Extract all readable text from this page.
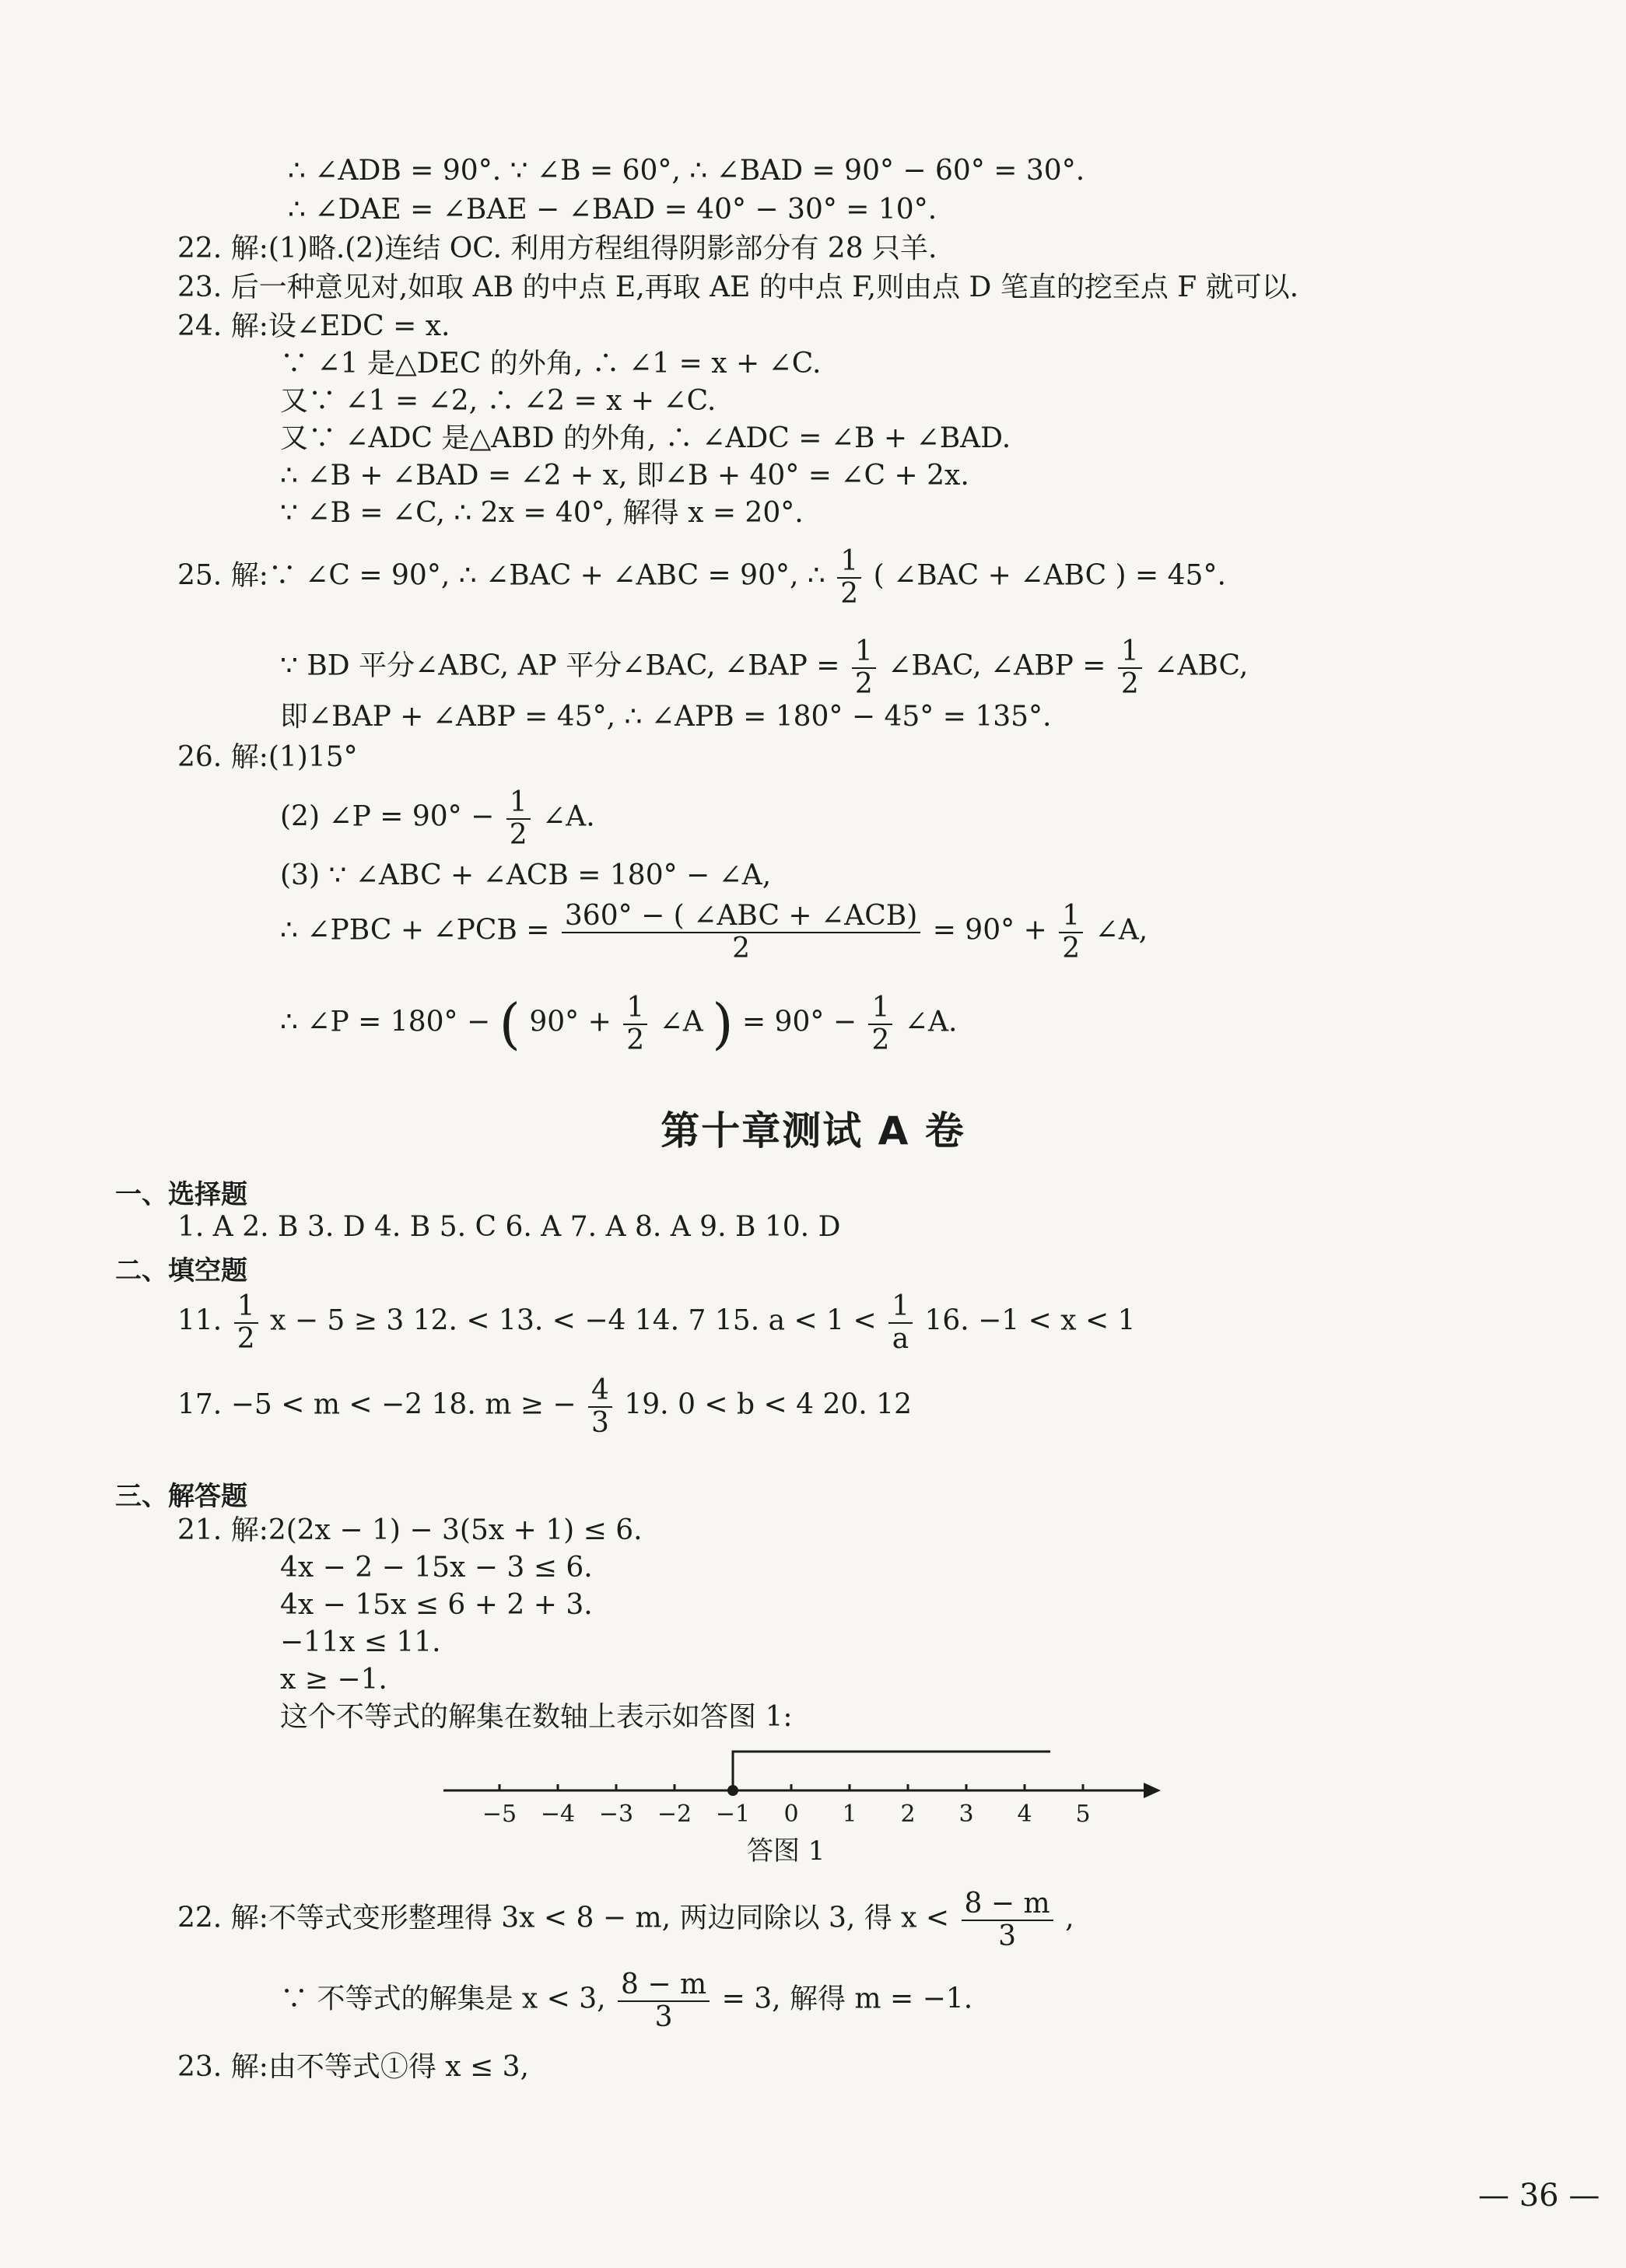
∴ ∠ADB = 90°. ∵ ∠B = 60°, ∴ ∠BAD = 90° − 60° = 30°.
∴ ∠DAE = ∠BAE − ∠BAD = 40° − 30° = 10°.
22. 解:(1)略.(2)连结 OC. 利用方程组得阴影部分有 28 只羊.
23. 后一种意见对,如取 AB 的中点 E,再取 AE 的中点 F,则由点 D 笔直的挖至点 F 就可以.
24. 解:设∠EDC = x.
∵ ∠1 是△DEC 的外角, ∴ ∠1 = x + ∠C.
又∵ ∠1 = ∠2, ∴ ∠2 = x + ∠C.
又∵ ∠ADC 是△ABD 的外角, ∴ ∠ADC = ∠B + ∠BAD.
∴ ∠B + ∠BAD = ∠2 + x, 即∠B + 40° = ∠C + 2x.
∵ ∠B = ∠C, ∴ 2x = 40°, 解得 x = 20°.
25. 解:∵ ∠C = 90°, ∴ ∠BAC + ∠ABC = 90°, ∴ $\frac{1}{2}$ ( ∠BAC + ∠ABC ) = 45°.
∵ BD 平分∠ABC, AP 平分∠BAC, ∠BAP = $\frac{1}{2}$ ∠BAC, ∠ABP = $\frac{1}{2}$ ∠ABC,
即∠BAP + ∠ABP = 45°, ∴ ∠APB = 180° − 45° = 135°.
26. 解:(1)15°
(2) ∠P = $90^\circ - \frac{1}{2}$ ∠A.
(3) ∵ ∠ABC + ∠ACB = 180° − ∠A,
∴ ∠PBC + ∠PCB = $\frac{\text{360° − ( ∠ABC + ∠ACB)}}{2} = 90^\circ + \frac{1}{2}$ ∠A,
∴ ∠P = 180° − ( $90^\circ + \frac{1}{2}$ ∠A ) = $90^\circ - \frac{1}{2}$ ∠A.
第十章测试 A 卷
一、选择题
1. A 2. B 3. D 4. B 5. C 6. A 7. A 8. A 9. B 10. D
二、填空题
11. $\frac{1}{2}$ x − 5 ≥ 3 12. < 13. < −4 14. 7 15. $a < 1 < \frac{1}{a} 16$. −1 < x < 1
17. −5 < m < −2 18. m ≥ − $\frac{4}{3} 19$. 0 < b < 4 20. 12
三、解答题
21. 解:2(2x − 1) − 3(5x + 1) ≤ 6.
4x − 2 − 15x − 3 ≤ 6.
4x − 15x ≤ 6 + 2 + 3.
−11x ≤ 11.
x ≥ −1.
这个不等式的解集在数轴上表示如答图 1:
−5 −4 −3 −2 −1 0 1 2 3 4 5
答图 1
22. 解:不等式变形整理得 3x < 8 − m, 两边同除以 3, 得 $x < \frac{8 - m}{3}$ ,
∵ 不等式的解集是 x < 3, $\frac{8 - m}{3} = 3$, 解得 m = −1.
23. 解:由不等式①得 x ≤ 3,
— 36 —
